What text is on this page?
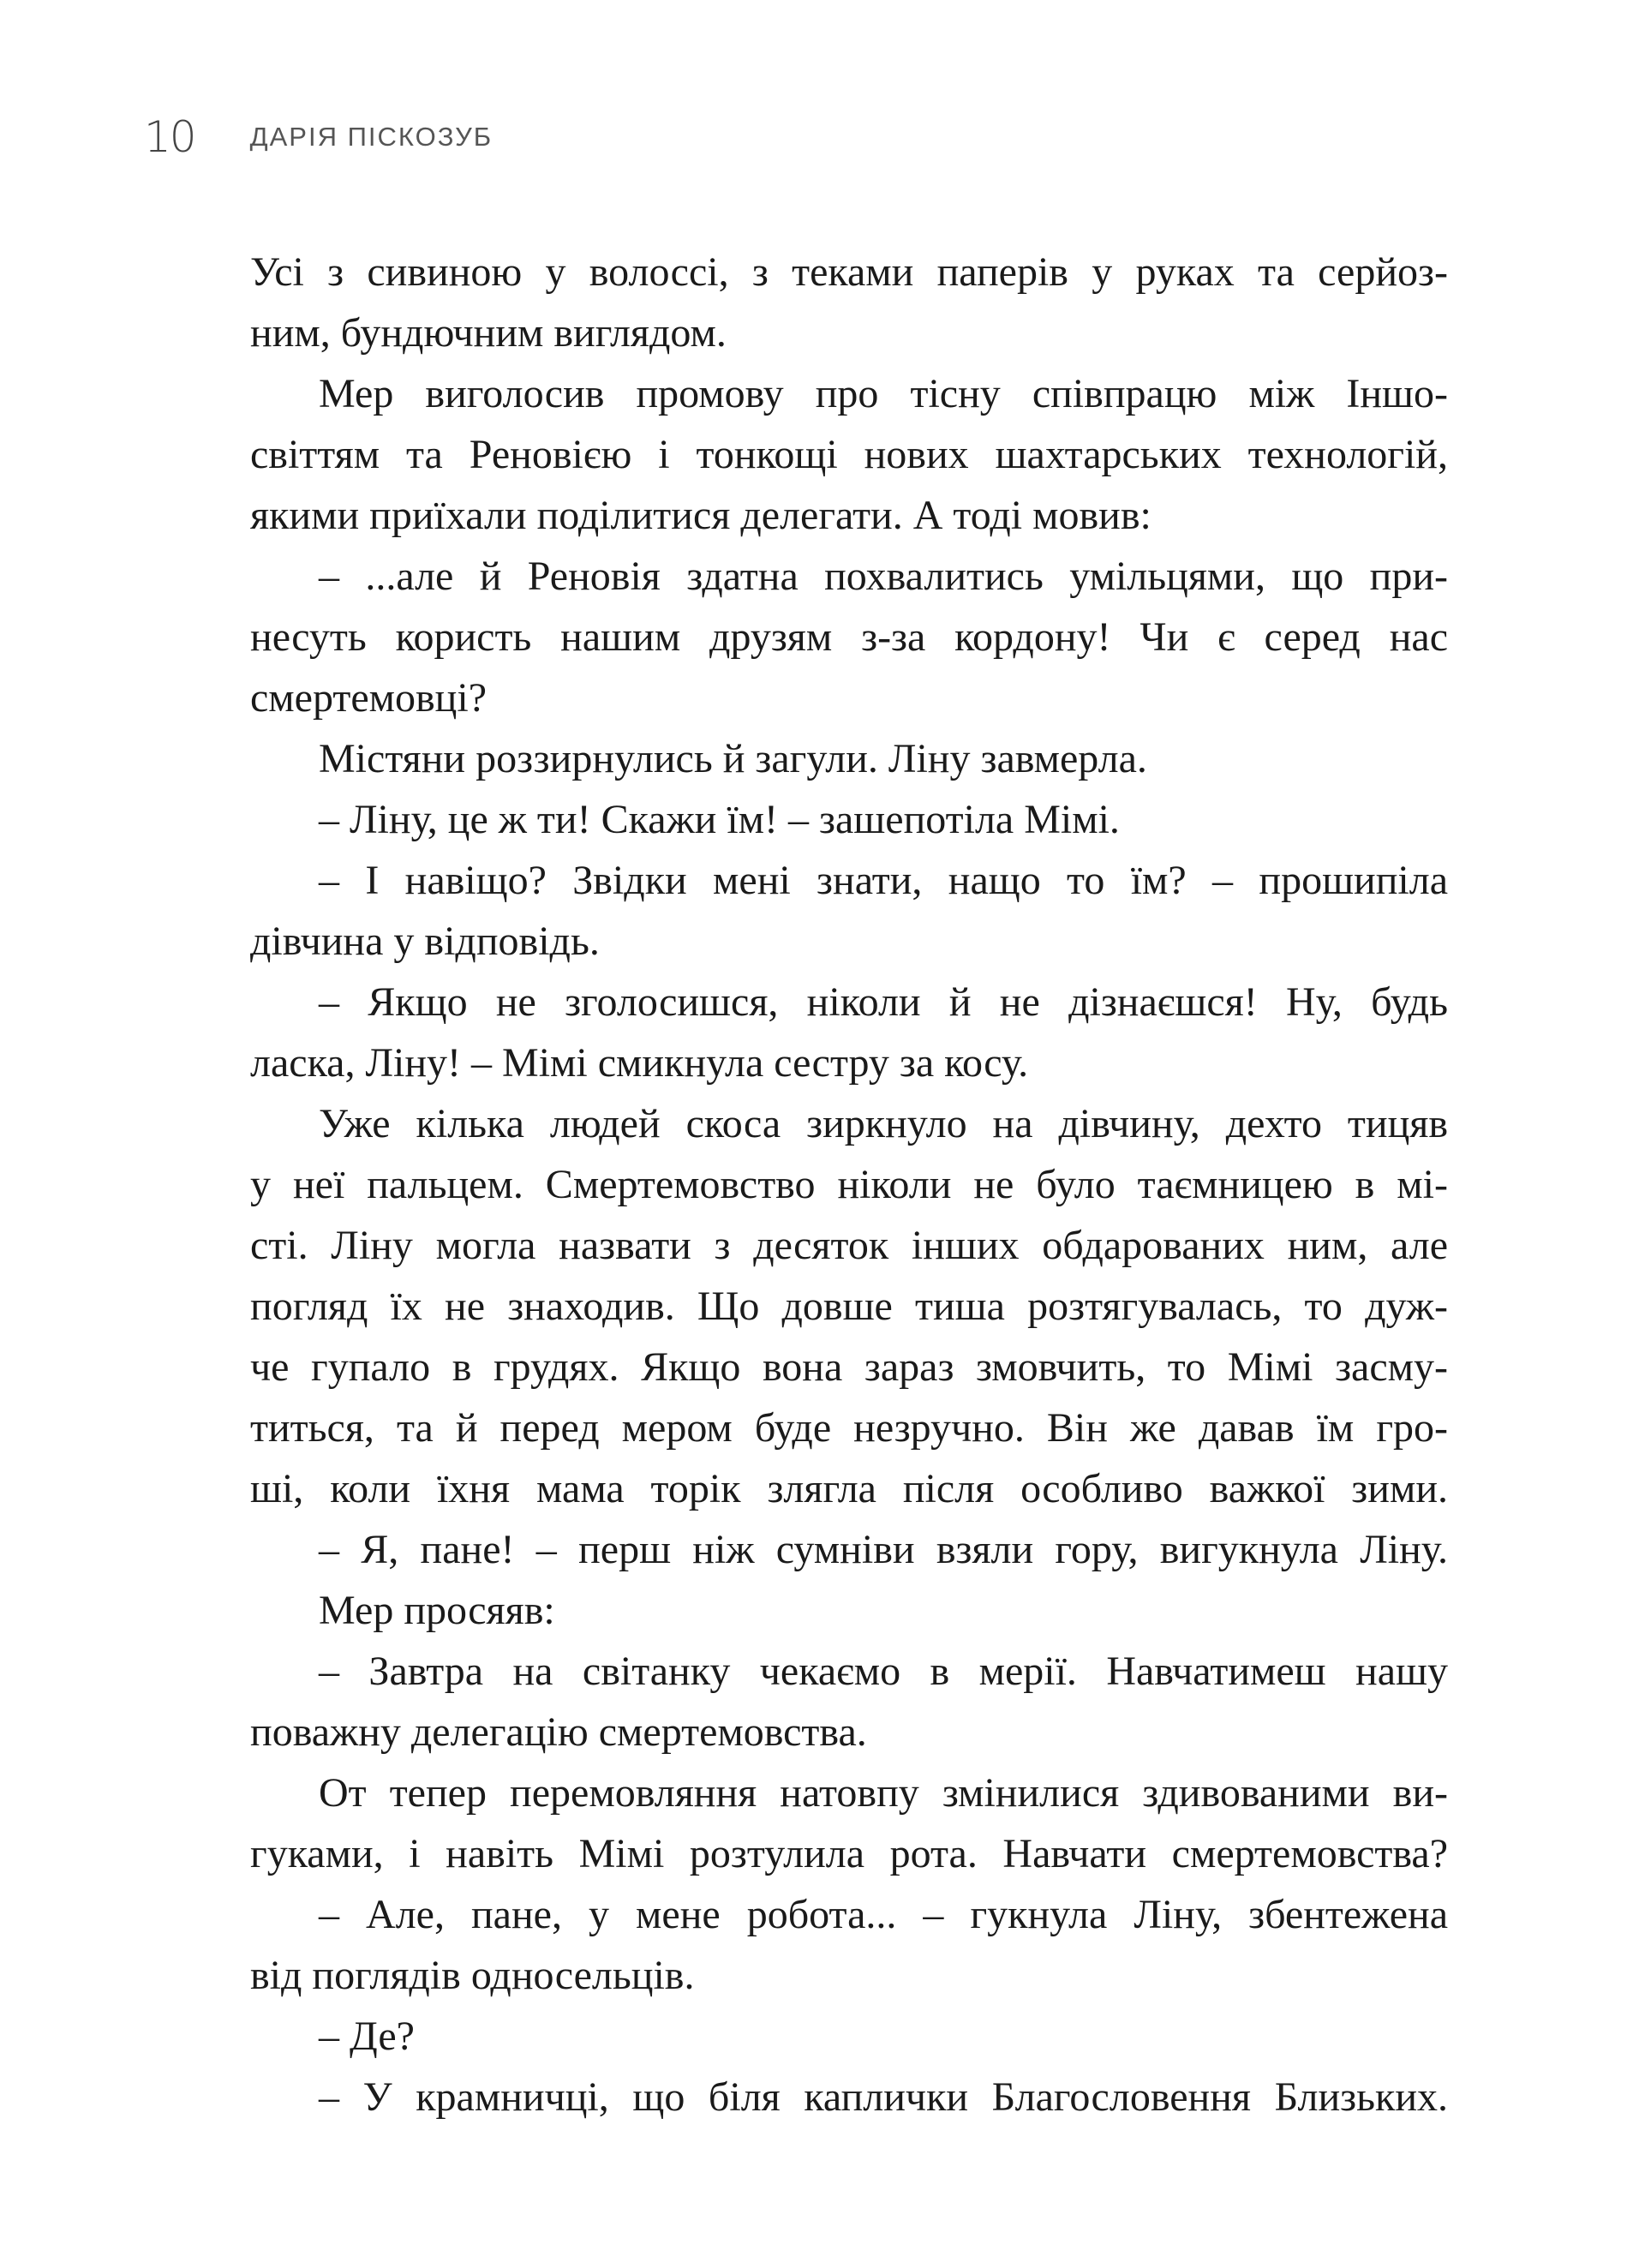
10 ДАРІЯ ПІСКОЗУБ
Усі з сивиною у волоссі, з теками паперів у руках та серйоз-
ним, бундючним виглядом.
Мер виголосив промову про тісну співпрацю між Іншо-
світтям та Реновією і тонкощі нових шахтарських технологій,
якими приїхали поділитися делегати. А тоді мовив:
– ...але й Реновія здатна похвалитись умільцями, що при-
несуть користь нашим друзям з-за кордону! Чи є серед нас
смертемовці?
Містяни роззирнулись й загули. Ліну завмерла.
– Ліну, це ж ти! Скажи їм! – зашепотіла Мімі.
– І навіщо? Звідки мені знати, нащо то їм? – прошипіла
дівчина у відповідь.
– Якщо не зголосишся, ніколи й не дізнаєшся! Ну, будь
ласка, Ліну! – Мімі смикнула сестру за косу.
Уже кілька людей скоса зиркнуло на дівчину, дехто тицяв
у неї пальцем. Смертемовство ніколи не було таємницею в мі-
сті. Ліну могла назвати з десяток інших обдарованих ним, але
погляд їх не знаходив. Що довше тиша розтягувалась, то дуж-
че гупало в грудях. Якщо вона зараз змовчить, то Мімі засму-
титься, та й перед мером буде незручно. Він же давав їм гро-
ші, коли їхня мама торік злягла після особливо важкої зими.
– Я, пане! – перш ніж сумніви взяли гору, вигукнула Ліну.
Мер просяяв:
– Завтра на світанку чекаємо в мерії. Навчатимеш нашу
поважну делегацію смертемовства.
От тепер перемовляння натовпу змінилися здивованими ви-
гуками, і навіть Мімі розтулила рота. Навчати смертемовства?
– Але, пане, у мене робота... – гукнула Ліну, збентежена
від поглядів односельців.
– Де?
– У крамничці, що біля каплички Благословення Близьких.
